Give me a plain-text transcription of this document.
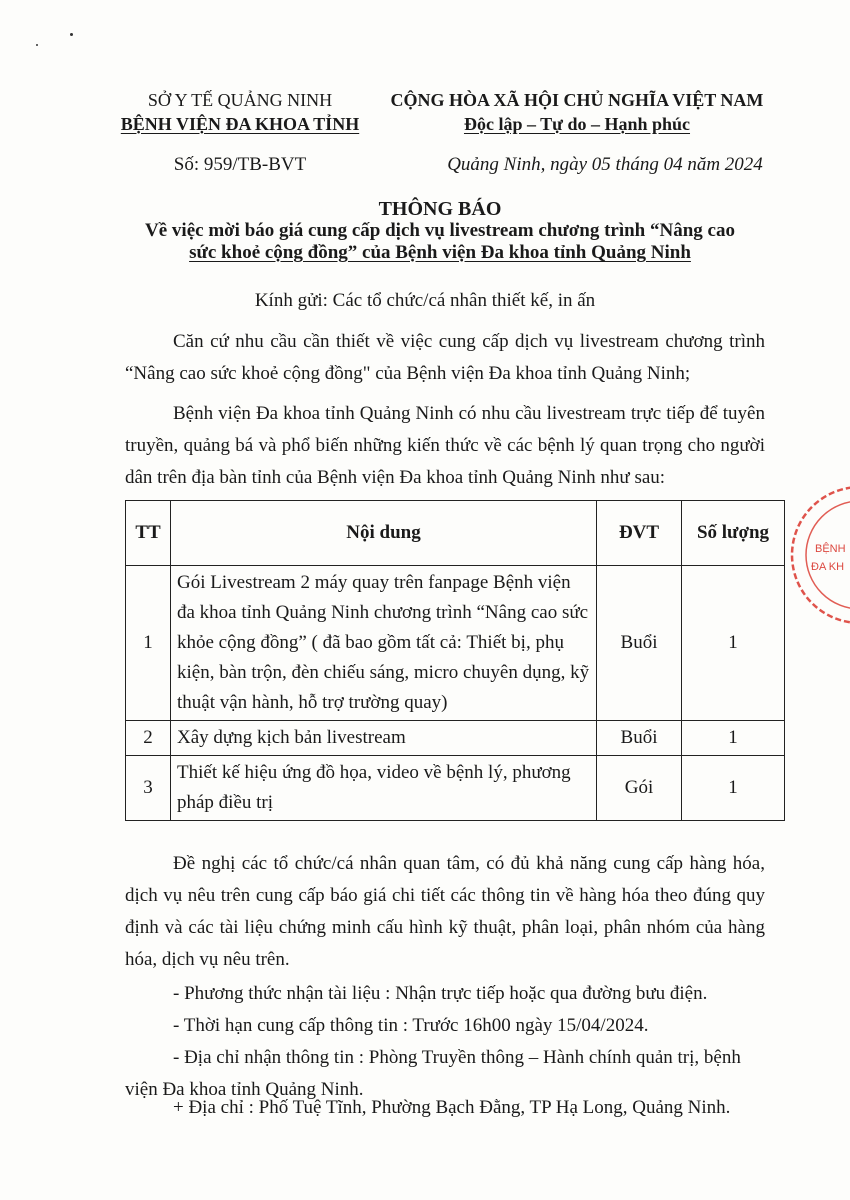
SỞ Y TẾ QUẢNG NINH
BỆNH VIỆN ĐA KHOA TỈNH
CỘNG HÒA XÃ HỘI CHỦ NGHĨA VIỆT NAM
Độc lập – Tự do – Hạnh phúc
Số: 959/TB-BVT	Quảng Ninh, ngày 05 tháng 04 năm 2024
THÔNG BÁO
Về việc mời báo giá cung cấp dịch vụ livestream chương trình “Nâng cao
sức khoẻ cộng đồng” của Bệnh viện Đa khoa tỉnh Quảng Ninh
Kính gửi: Các tổ chức/cá nhân thiết kế, in ấn
Căn cứ nhu cầu cần thiết về việc cung cấp dịch vụ livestream chương trình “Nâng cao sức khoẻ cộng đồng" của Bệnh viện Đa khoa tỉnh Quảng Ninh;
Bệnh viện Đa khoa tỉnh Quảng Ninh có nhu cầu livestream trực tiếp để tuyên truyền, quảng bá và phổ biến những kiến thức về các bệnh lý quan trọng cho người dân trên địa bàn tỉnh của Bệnh viện Đa khoa tỉnh Quảng Ninh như sau:
TT	Nội dung	ĐVT	Số lượng
1	Gói Livestream 2 máy quay trên fanpage Bệnh viện đa khoa tỉnh Quảng Ninh chương trình “Nâng cao sức khỏe cộng đồng” ( đã bao gồm tất cả: Thiết bị, phụ kiện, bàn trộn, đèn chiếu sáng, micro chuyên dụng, kỹ thuật vận hành, hỗ trợ trường quay)	Buổi	1
2	Xây dựng kịch bản livestream	Buổi	1
3	Thiết kế hiệu ứng đồ họa, video về bệnh lý, phương pháp điều trị	Gói	1
Đề nghị các tổ chức/cá nhân quan tâm, có đủ khả năng cung cấp hàng hóa, dịch vụ nêu trên cung cấp báo giá chi tiết các thông tin về hàng hóa theo đúng quy định và các tài liệu chứng minh cấu hình kỹ thuật, phân loại, phân nhóm của hàng hóa, dịch vụ nêu trên.
- Phương thức nhận tài liệu : Nhận trực tiếp hoặc qua đường bưu điện.
- Thời hạn cung cấp thông tin : Trước 16h00 ngày 15/04/2024.
- Địa chỉ nhận thông tin : Phòng Truyền thông – Hành chính quản trị, bệnh viện Đa khoa tỉnh Quảng Ninh.
+ Địa chỉ : Phố Tuệ Tĩnh, Phường Bạch Đằng, TP Hạ Long, Quảng Ninh.
BỆNH
ĐA KH
